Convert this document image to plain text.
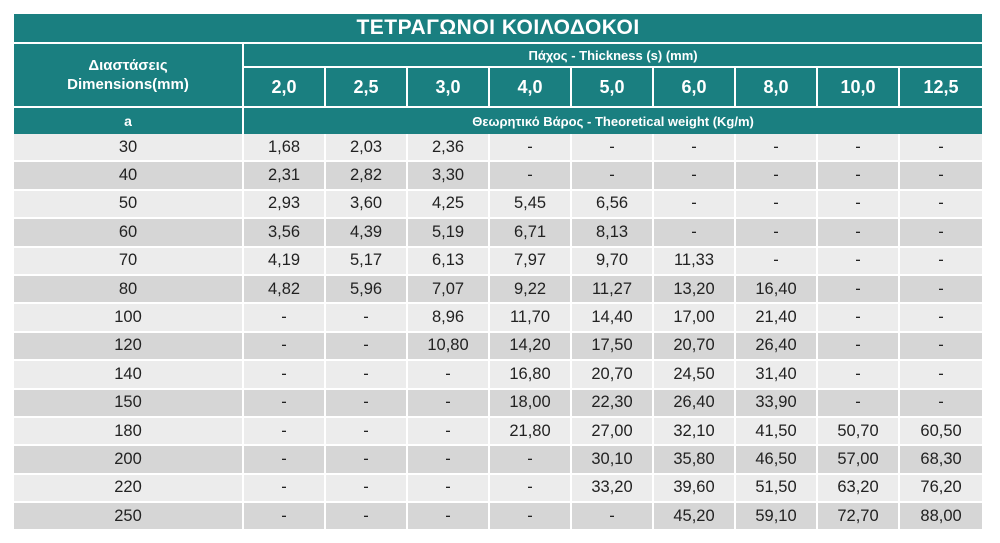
ΤΕΤΡΑΓΩΝΟΙ ΚΟΙΛΟΔΟΚΟΙ									

Διαστάσεις
Dimensions(mm)	Πάχος - Thickness (s) (mm)								
	2,0	2,5	3,0	4,0	5,0	6,0	8,0	10,0	12,5
a	Θεωρητικό Βάρος - Theoretical weight (Kg/m)								
30	1,68	2,03	2,36	-	-	-	-	-	-
40	2,31	2,82	3,30	-	-	-	-	-	-
50	2,93	3,60	4,25	5,45	6,56	-	-	-	-
60	3,56	4,39	5,19	6,71	8,13	-	-	-	-
70	4,19	5,17	6,13	7,97	9,70	11,33	-	-	-
80	4,82	5,96	7,07	9,22	11,27	13,20	16,40	-	-
100	-	-	8,96	11,70	14,40	17,00	21,40	-	-
120	-	-	10,80	14,20	17,50	20,70	26,40	-	-
140	-	-	-	16,80	20,70	24,50	31,40	-	-
150	-	-	-	18,00	22,30	26,40	33,90	-	-
180	-	-	-	21,80	27,00	32,10	41,50	50,70	60,50
200	-	-	-	-	30,10	35,80	46,50	57,00	68,30
220	-	-	-	-	33,20	39,60	51,50	63,20	76,20
250	-	-	-	-	-	45,20	59,10	72,70	88,00
